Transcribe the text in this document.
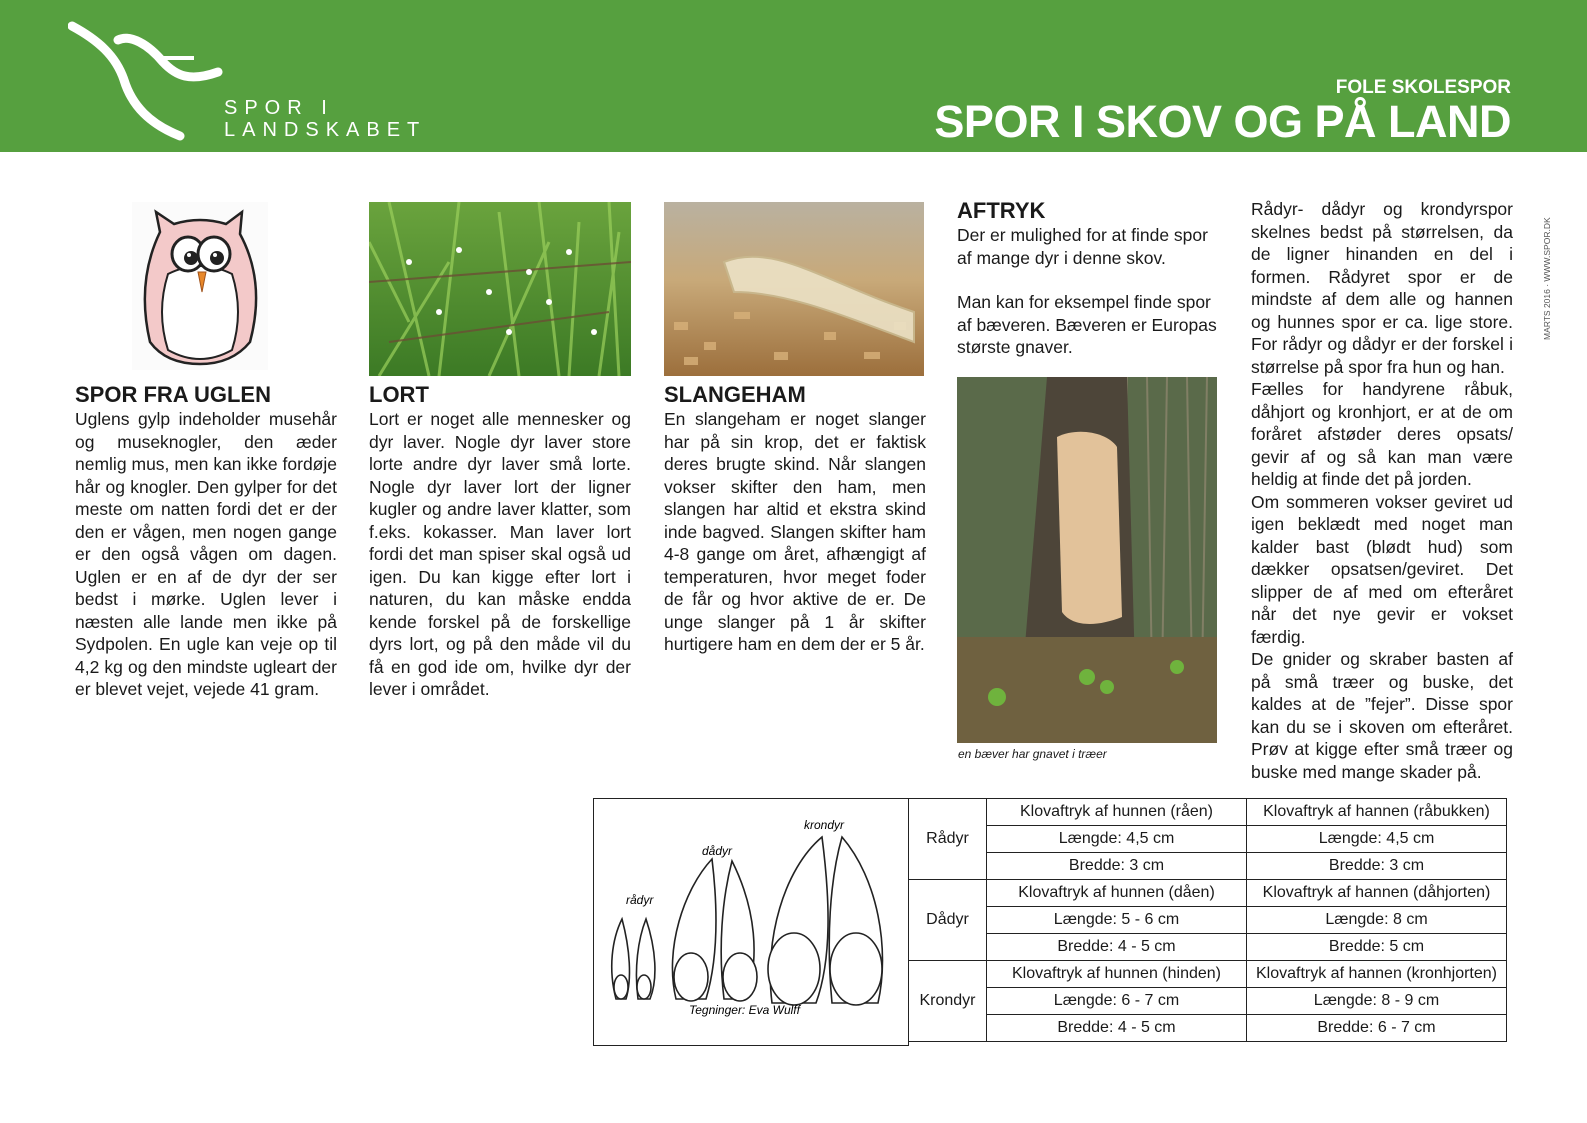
SPOR I
LANDSKABET
FOLE SKOLESPOR
SPOR I SKOV OG PÅ LAND
MARTS 2016 · WWW.SPOR.DK
SPOR FRA UGLEN

Uglens gylp indeholder musehår og museknogler, den æder nemlig mus, men kan ikke fordøje hår og knogler. Den gylper for det meste om natten fordi det er der den er vågen, men nogen gange er den også vågen om dagen. Uglen er en af de dyr der ser bedst i mørke. Uglen lever i næsten alle lande men ikke på Sydpolen. En ugle kan veje op til 4,2 kg og den mindste ugleart der er blevet vejet, vejede 41 gram.

LORT

Lort er noget alle mennesker og dyr laver. Nogle dyr laver store lorte andre dyr laver små lorte. Nogle dyr laver lort der ligner kugler og andre laver klatter, som f.eks. kokasser. Man laver lort fordi det man spiser skal også ud igen. Du kan kigge efter lort i naturen, du kan måske endda kende forskel på de forskellige dyrs lort, og på den måde vil du få en god ide om, hvilke dyr der lever i området.

SLANGEHAM

En slangeham er noget slanger har på sin krop, det er faktisk deres brugte skind. Når slangen vokser skifter den ham, men slangen har altid et ekstra skind inde bagved. Slangen skifter ham 4-8 gange om året, afhængigt af temperaturen, hvor meget foder de får og hvor aktive de er. De unge slanger på 1 år skifter hurtigere ham en dem der er 5 år.

AFTRYK

Der er mulighed for at finde spor af mange dyr i denne skov.

Man kan for eksempel finde spor af bæveren. Bæveren er Europas største gnaver.

en bæver har gnavet i træer

Rådyr- dådyr og krondyrspor skelnes bedst på størrelsen, da de ligner hinanden en del i formen. Rådyret spor er de mindste af dem alle og hannen og hunnes spor er ca. lige store. For rådyr og dådyr er der forskel i størrelse på spor fra hun og han.

Fælles for handyrene råbuk, dåhjort og kronhjort, er at de om foråret afstøder deres opsats/ gevir af og så kan man være heldig at finde det på jorden.

Om sommeren vokser geviret ud igen beklædt med noget man kalder bast (blødt hud) som dækker opsatsen/geviret. Det slipper de af med om efteråret når det nye gevir er vokset færdig.

De gnider og skraber basten af på små træer og buske, det kaldes at de ”fejer”. Disse spor kan du se i skoven om efteråret. Prøv at kigge efter små træer og buske med mange skader på.

rådyr
dådyr
krondyr
Tegninger: Eva Wulff
Rådyr	Klovaftryk af hunnen (råen)	Klovaftryk af hannen (råbukken)
	Længde: 4,5 cm	Længde: 4,5 cm
	Bredde: 3 cm	Bredde: 3 cm
Dådyr	Klovaftryk af hunnen (dåen)	Klovaftryk af hannen (dåhjorten)
	Længde: 5 - 6 cm	Længde: 8 cm
	Bredde: 4 - 5 cm	Bredde: 5 cm
Krondyr	Klovaftryk af hunnen (hinden)	Klovaftryk af hannen (kronhjorten)
	Længde: 6 - 7 cm	Længde: 8 - 9 cm
	Bredde: 4 - 5 cm	Bredde: 6 - 7 cm
